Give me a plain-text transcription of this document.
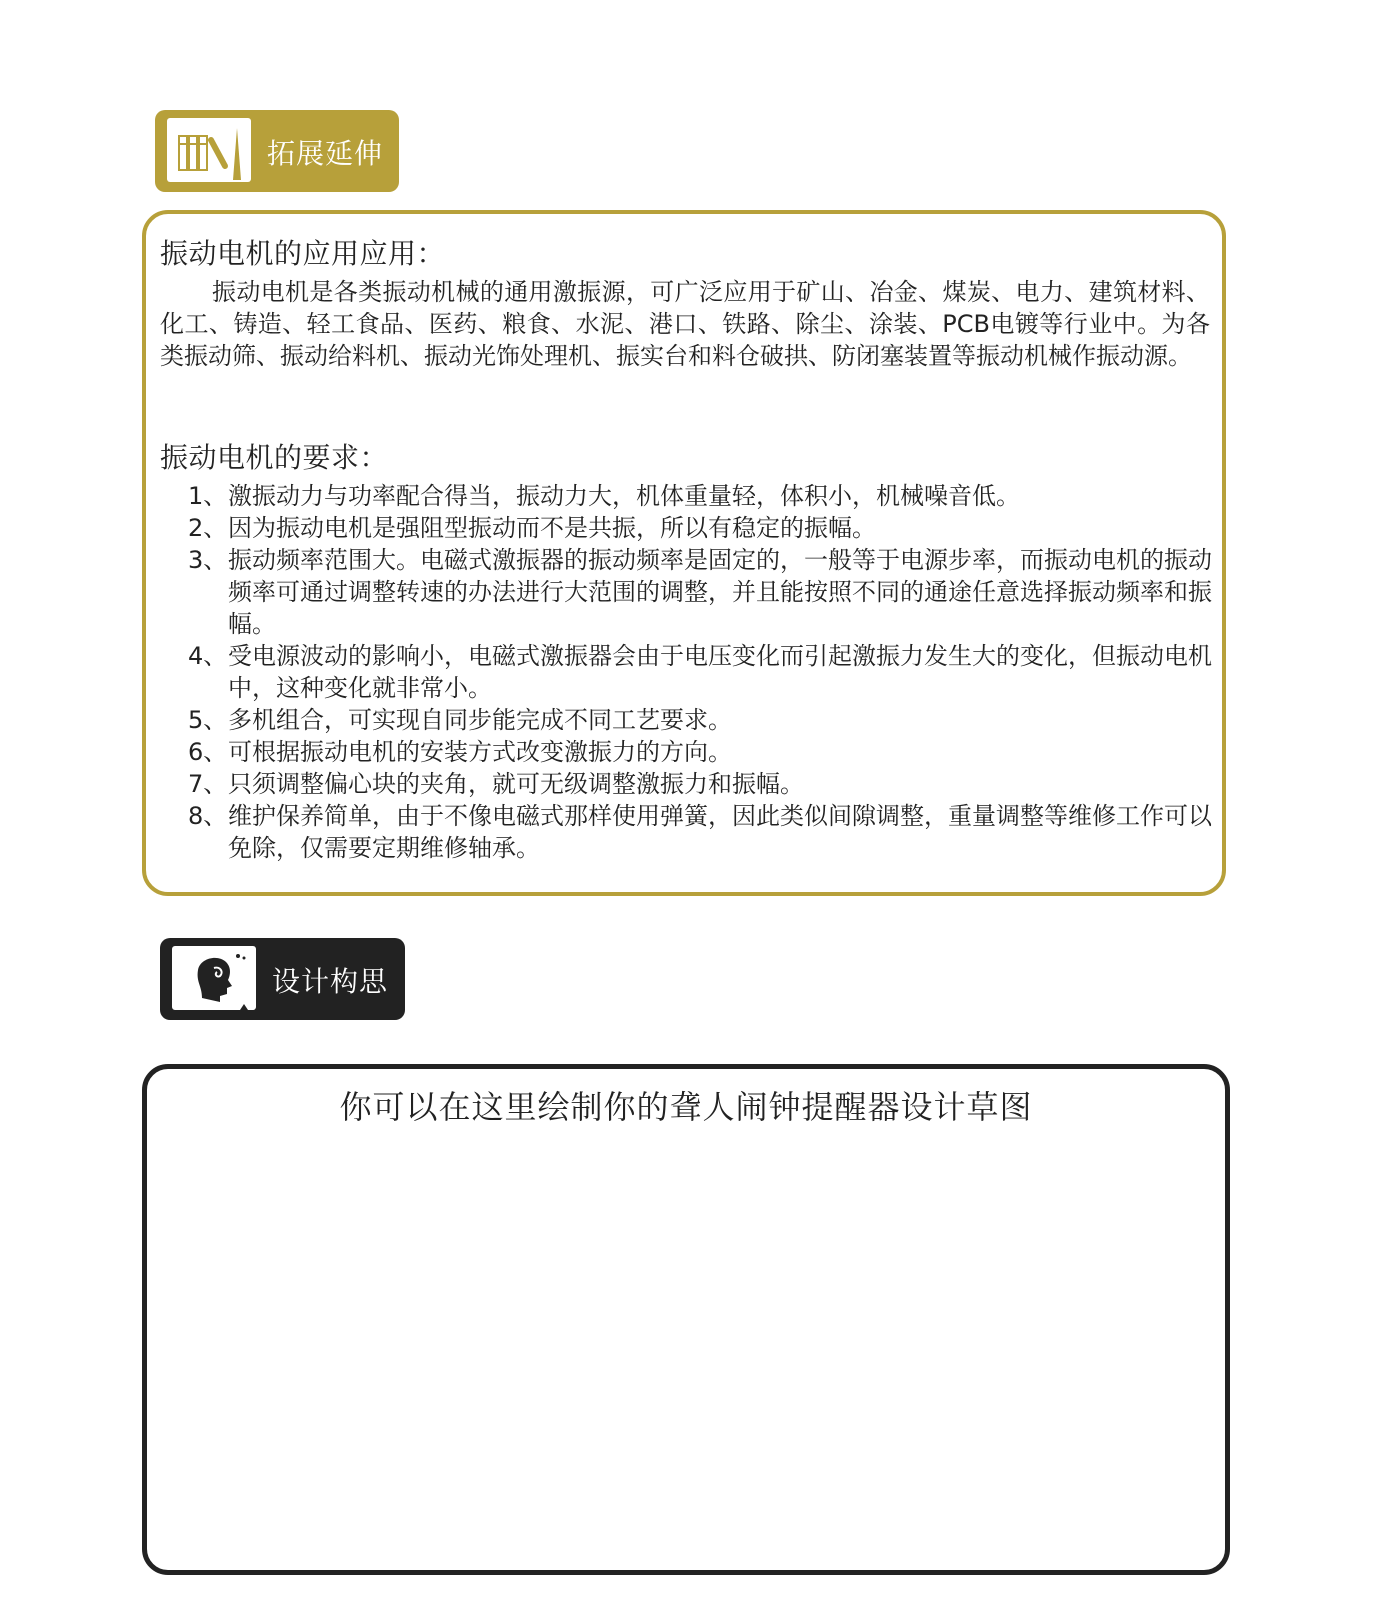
拓展延伸
振动电机的应用应用：

振动电机是各类振动机械的通用激振源，可广泛应用于矿山、冶金、煤炭、电力、建筑材料、化工、铸造、轻工食品、医药、粮食、水泥、港口、铁路、除尘、涂装、PCB电镀等行业中。为各类振动筛、振动给料机、振动光饰处理机、振实台和料仓破拱、防闭塞装置等振动机械作振动源。

振动电机的要求：
1、 激振动力与功率配合得当，振动力大，机体重量轻，体积小，机械噪音低。
2、 因为振动电机是强阻型振动而不是共振，所以有稳定的振幅。
3、 振动频率范围大。电磁式激振器的振动频率是固定的，一般等于电源步率，而振动电机的振动频率可通过调整转速的办法进行大范围的调整，并且能按照不同的通途任意选择振动频率和振幅。
4、 受电源波动的影响小，电磁式激振器会由于电压变化而引起激振力发生大的变化，但振动电机中，这种变化就非常小。
5、 多机组合，可实现自同步能完成不同工艺要求。
6、 可根据振动电机的安装方式改变激振力的方向。
7、 只须调整偏心块的夹角，就可无级调整激振力和振幅。
8、 维护保养简单，由于不像电磁式那样使用弹簧，因此类似间隙调整，重量调整等维修工作可以免除，仅需要定期维修轴承。
设计构思
你可以在这里绘制你的聋人闹钟提醒器设计草图
